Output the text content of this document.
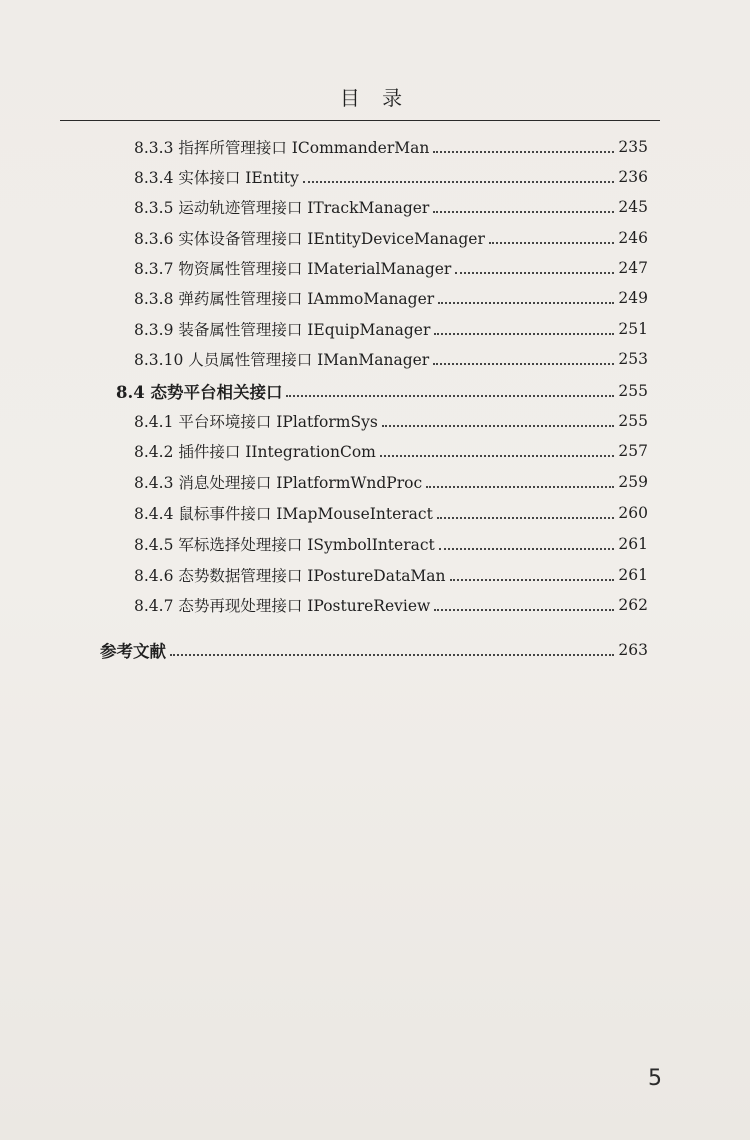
目 录
8.3.3 指挥所管理接口 ICommanderMan	235
8.3.4 实体接口 IEntity	236
8.3.5 运动轨迹管理接口 ITrackManager	245
8.3.6 实体设备管理接口 IEntityDeviceManager	246
8.3.7 物资属性管理接口 IMaterialManager	247
8.3.8 弹药属性管理接口 IAmmoManager	249
8.3.9 装备属性管理接口 IEquipManager	251
8.3.10 人员属性管理接口 IManManager	253
8.4 态势平台相关接口	255
8.4.1 平台环境接口 IPlatformSys	255
8.4.2 插件接口 IIntegrationCom	257
8.4.3 消息处理接口 IPlatformWndProc	259
8.4.4 鼠标事件接口 IMapMouseInteract	260
8.4.5 军标选择处理接口 ISymbolInteract	261
8.4.6 态势数据管理接口 IPostureDataMan	261
8.4.7 态势再现处理接口 IPostureReview	262
参考文献	263
5
